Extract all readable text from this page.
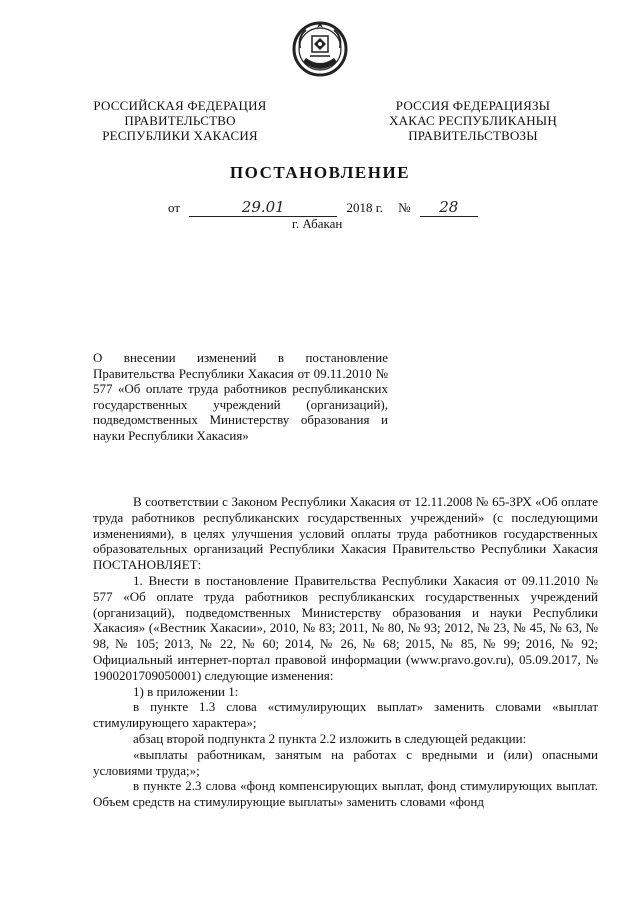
РОССИЙСКАЯ ФЕДЕРАЦИЯ
ПРАВИТЕЛЬСТВО
РЕСПУБЛИКИ ХАКАСИЯ
РОССИЯ ФЕДЕРАЦИЯЗЫ
ХАКАС РЕСПУБЛИКАНЫҢ
ПРАВИТЕЛЬСТВОЗЫ
ПОСТАНОВЛЕНИЕ
от	29.01	2018 г. № 28
г. Абакан
О внесении изменений в постановление Правительства Республики Хакасия от 09.11.2010 № 577 «Об оплате труда работников республиканских государственных учреждений (организаций), подведомственных Министерству образования и науки Республики Хакасия»

В соответствии с Законом Республики Хакасия от 12.11.2008 № 65-ЗРХ «Об оплате труда работников республиканских государственных учреждений» (с последующими изменениями), в целях улучшения условий оплаты труда работников государственных образовательных организаций Республики Хакасия Правительство Республики Хакасия ПОСТАНОВЛЯЕТ:

1. Внести в постановление Правительства Республики Хакасия от 09.11.2010 № 577 «Об оплате труда работников республиканских государственных учреждений (организаций), подведомственных Министерству образования и науки Республики Хакасия» («Вестник Хакасии», 2010, № 83; 2011, № 80, № 93; 2012, № 23, № 45, № 63, № 98, № 105; 2013, № 22, № 60; 2014, № 26, № 68; 2015, № 85, № 99; 2016, № 92; Официальный интернет-портал правовой информации (www.pravo.gov.ru), 05.09.2017, № 1900201709050001) следующие изменения:

1) в приложении 1:

в пункте 1.3 слова «стимулирующих выплат» заменить словами «выплат стимулирующего характера»;

абзац второй подпункта 2 пункта 2.2 изложить в следующей редакции:

«выплаты работникам, занятым на работах с вредными и (или) опасными условиями труда;»;

в пункте 2.3 слова «фонд компенсирующих выплат, фонд стимулирующих выплат. Объем средств на стимулирующие выплаты» заменить словами «фонд
